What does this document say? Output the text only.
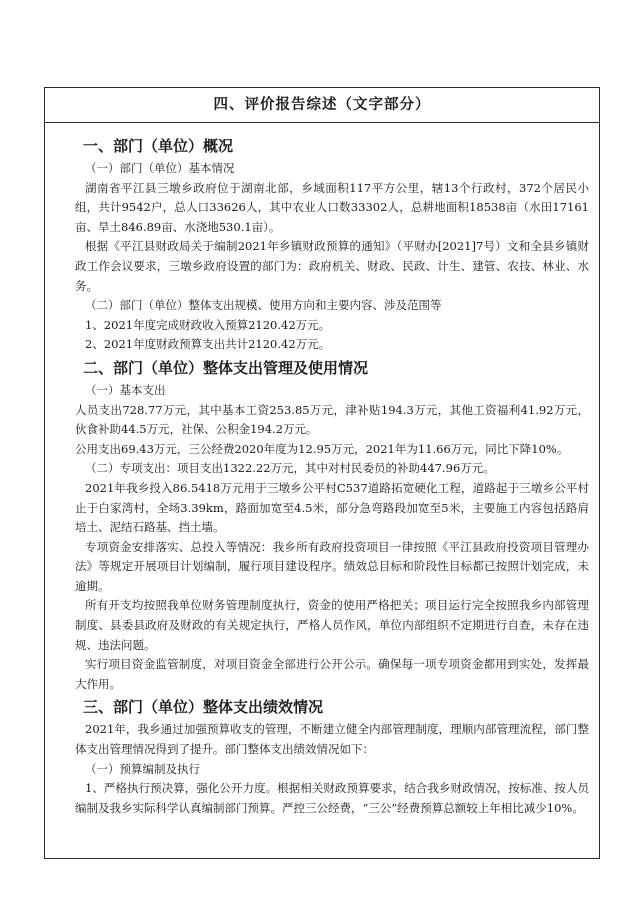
四、评价报告综述（文字部分）
一、部门（单位）概况

（一）部门（单位）基本情况

湖南省平江县三墩乡政府位于湖南北部，乡域面积117平方公里，辖13个行政村，372个居民小组，共计9542户，总人口33626人，其中农业人口数33302人，总耕地面积18538亩（水田17161亩、旱土846.89亩、水浇地530.1亩）。

根据《平江县财政局关于编制2021年乡镇财政预算的通知》（平财办[2021]7号）文和全县乡镇财政工作会议要求，三墩乡政府设置的部门为：政府机关、财政、民政、计生、建管、农技、林业、水务。

（二）部门（单位）整体支出规模、使用方向和主要内容、涉及范围等

1、2021年度完成财政收入预算2120.42万元。

2、2021年度财政预算支出共计2120.42万元。

二、部门（单位）整体支出管理及使用情况

（一）基本支出

人员支出728.77万元，其中基本工资253.85万元，津补贴194.3万元，其他工资福利41.92万元，伙食补助44.5万元，社保、公积金194.2万元。

公用支出69.43万元，三公经费2020年度为12.95万元，2021年为11.66万元，同比下降10%。

（二）专项支出：项目支出1322.22万元，其中对村民委员的补助447.96万元。

2021年我乡投入86.5418万元用于三墩乡公平村C537道路拓宽硬化工程，道路起于三墩乡公平村止于白家湾村，全场3.39km，路面加宽至4.5米，部分急弯路段加宽至5米，主要施工内容包括路肩培土、泥结石路基、挡土墙。

专项资金安排落实、总投入等情况：我乡所有政府投资项目一律按照《平江县政府投资项目管理办法》等规定开展项目计划编制，履行项目建设程序。绩效总目标和阶段性目标都已按照计划完成，未逾期。

所有开支均按照我单位财务管理制度执行，资金的使用严格把关；项目运行完全按照我乡内部管理制度、县委县政府及财政的有关规定执行，严格人员作风，单位内部组织不定期进行自查，未存在违规、违法问题。

实行项目资金监管制度，对项目资金全部进行公开公示。确保每一项专项资金都用到实处，发挥最大作用。

三、部门（单位）整体支出绩效情况

2021年，我乡通过加强预算收支的管理，不断建立健全内部管理制度，理顺内部管理流程，部门整体支出管理情况得到了提升。部门整体支出绩效情况如下：

（一）预算编制及执行

1、严格执行预决算，强化公开力度。根据相关财政预算要求，结合我乡财政情况，按标准、按人员编制及我乡实际科学认真编制部门预算。严控三公经费，“三公”经费预算总额较上年相比减少10%。
